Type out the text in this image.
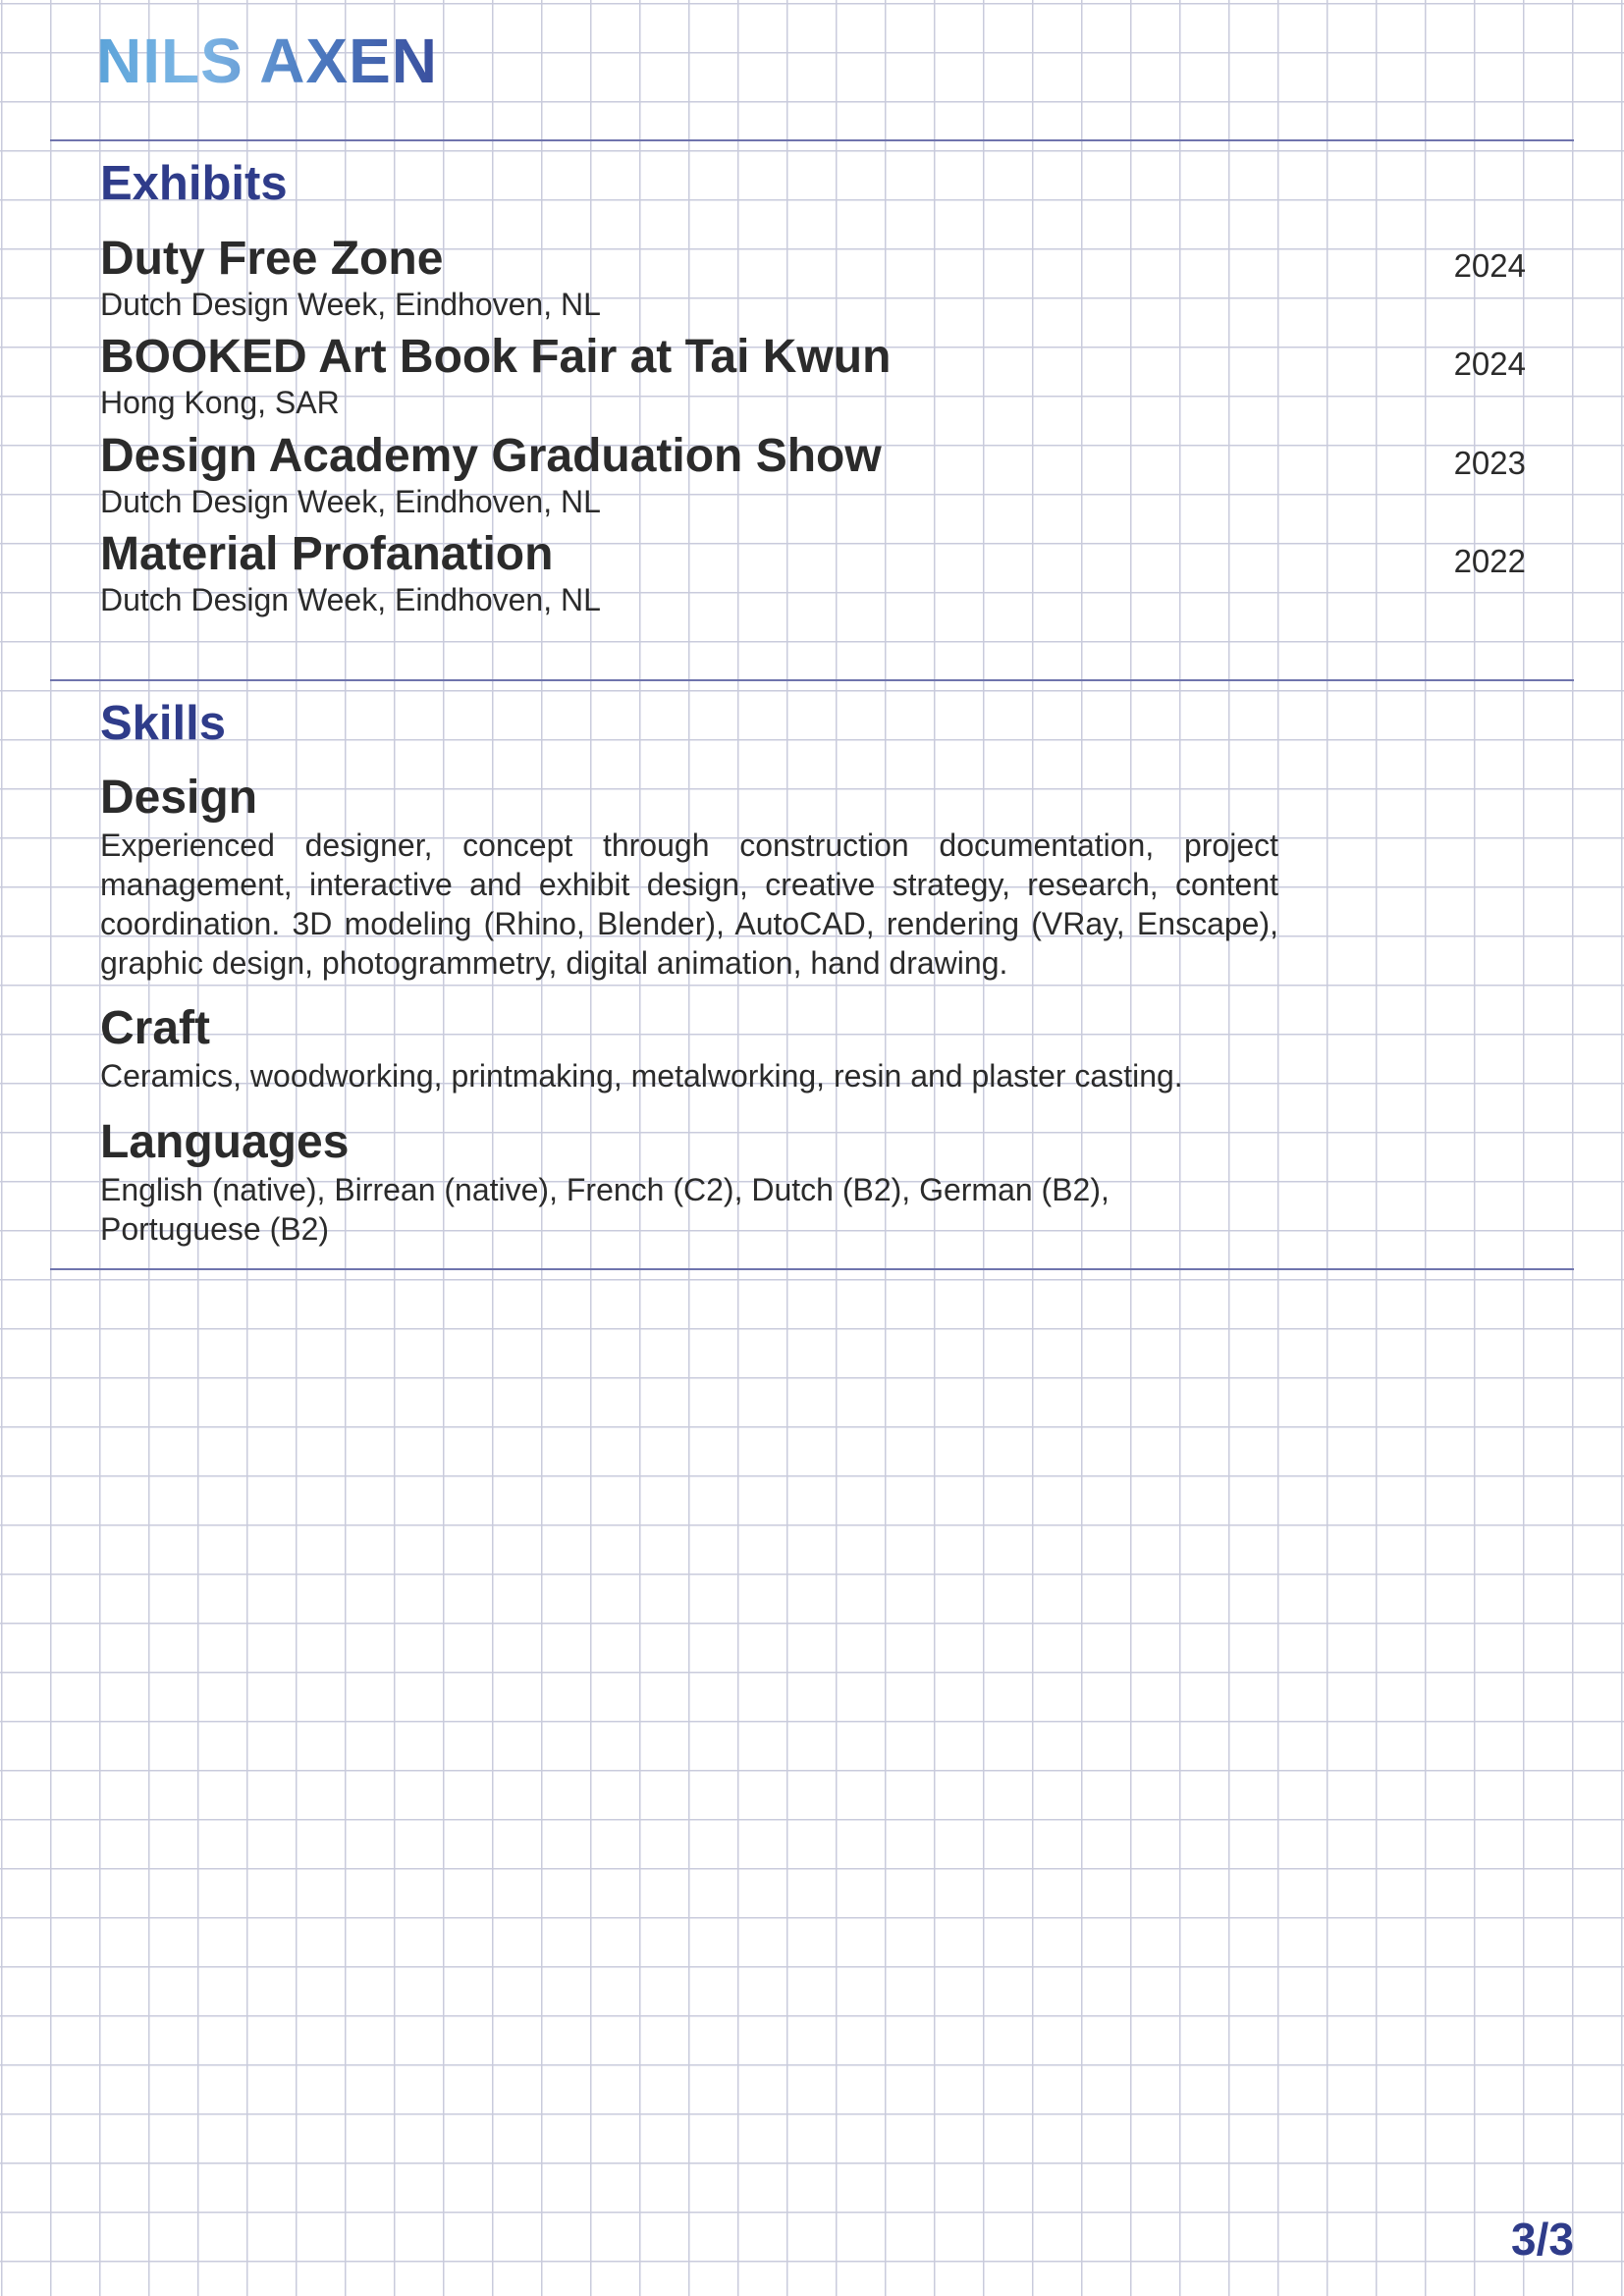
NILS AXEN
Exhibits
Duty Free Zone
Dutch Design Week, Eindhoven, NL
2024
BOOKED Art Book Fair at Tai Kwun
Hong Kong, SAR
2024
Design Academy Graduation Show
Dutch Design Week, Eindhoven, NL
2023
Material Profanation
Dutch Design Week, Eindhoven, NL
2022
Skills
Design
Experienced designer, concept through construction documentation, project management, interactive and exhibit design, creative strategy, research, content coordination. 3D modeling (Rhino, Blender), AutoCAD, rendering (VRay, Enscape), graphic design, photogrammetry, digital animation, hand drawing.
Craft
Ceramics, woodworking, printmaking, metalworking, resin and plaster casting.
Languages
English (native), Birrean (native), French (C2), Dutch (B2), German (B2),
Portuguese (B2)
3/3
